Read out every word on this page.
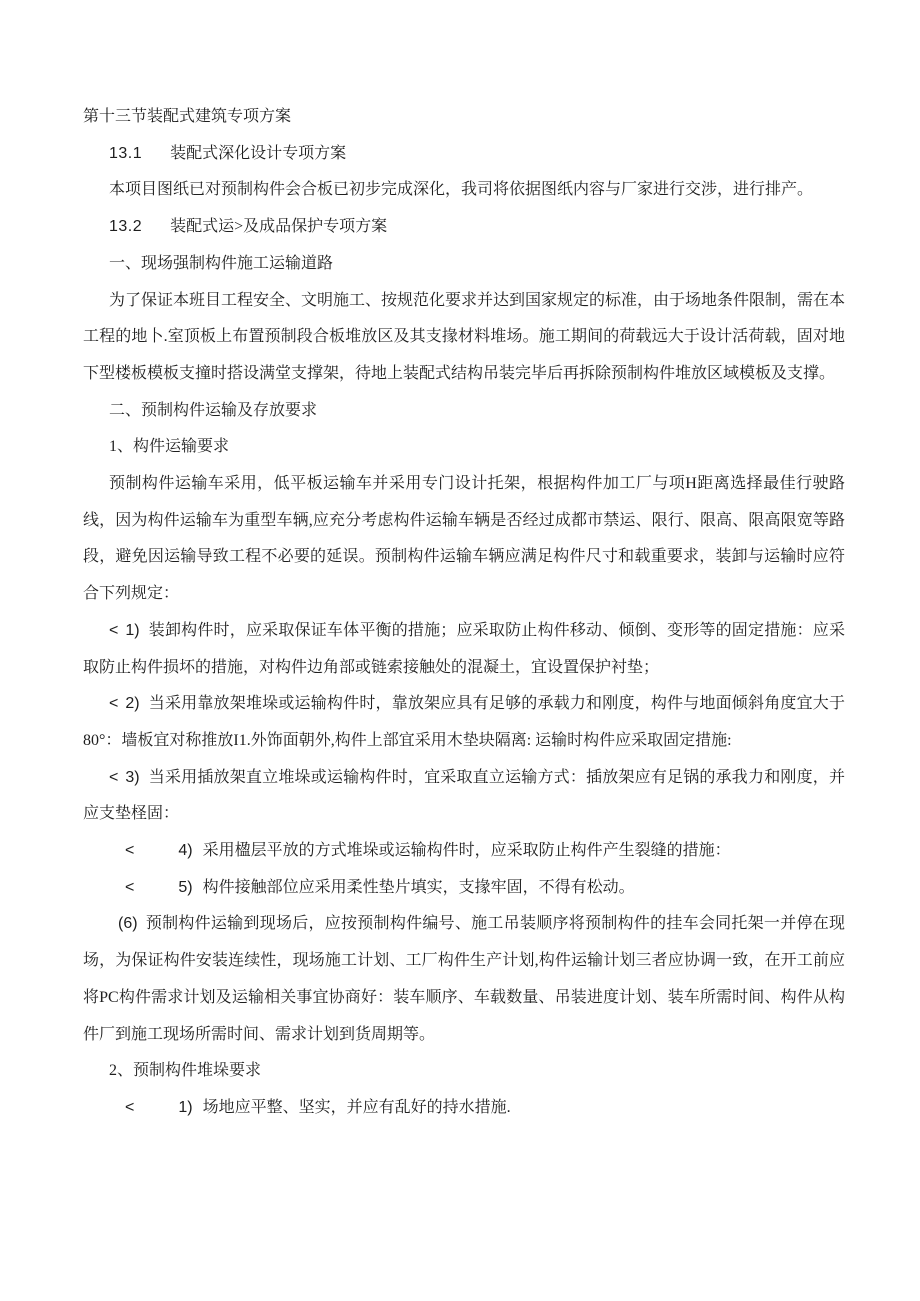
第十三节装配式建筑专项方案

13.1 装配式深化设计专项方案

本项目图纸已对预制构件会合板已初步完成深化，我司将依据图纸内容与厂家进行交涉，进行排产。

13.2 装配式运>及成品保护专项方案

一、现场强制构件施工运输道路

为了保证本班目工程安全、文明施工、按规范化要求并达到国家规定的标准，由于场地条件限制，需在本工程的地卜.室顶板上布置预制段合板堆放区及其支掾材料堆场。施工期间的荷载远大于设计活荷载，固对地下型楼板模板支撞时搭设满堂支撑架，待地上装配式结构吊装完毕后再拆除预制构件堆放区域模板及支撑。

二、预制构件运输及存放要求

1、构件运输要求

预制构件运输车采用，低平板运输车并采用专门设计托架，根据构件加工厂与项H距离选择最佳行驶路线，因为构件运输车为重型车辆,应充分考虑构件运输车辆是否经过成都市禁运、限行、限高、限高限宽等路段，避免因运输导致工程不必要的延误。预制构件运输车辆应满足构件尺寸和载重要求，装卸与运输时应符合下列规定：

< 1) 装卸构件时，应采取保证车体平衡的措施；应采取防止构件移动、倾倒、变形等的固定措施：应采取防止构件损坏的措施，对构件边角部或链索接触处的混凝土，宜设置保护衬垫；

< 2) 当采用靠放架堆垛或运输构件时，靠放架应具有足够的承载力和刚度，构件与地面倾斜角度宜大于80°：墙板宜对称推放I1.外饰面朝外,构件上部宜采用木垫块隔离: 运输时构件应采取固定措施:

< 3) 当采用插放架直立堆垛或运输构件时，宜采取直立运输方式：插放架应有足锅的承我力和刚度，并应支垫柽固：

<	4) 采用楹层平放的方式堆垛或运输构件时，应采取防止构件产生裂缝的措施：

<	5) 构件接触部位应采用柔性垫片填实，支掾牢固，不得有松动。

(6) 预制构件运输到现场后，应按预制构件编号、施工吊装顺序将预制构件的挂车会同托架一并停在现场，为保证构件安装连续性，现场施工计划、工厂构件生产计划,构件运输计划三者应协调一致，在开工前应将PC构件需求计划及运输相关事宜协商好：装车顺序、车载数量、吊装进度计划、装车所需时间、构件从构件厂到施工现场所需时间、需求计划到货周期等。

2、预制构件堆垛要求

<	1) 场地应平整、坚实，并应有乱好的持水措施.
